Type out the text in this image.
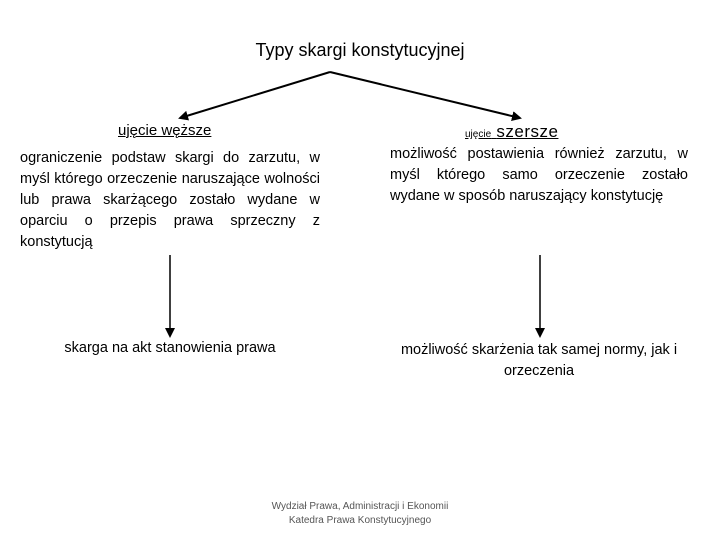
Typy skargi konstytucyjnej
ujęcie węższe	ujęcie szersze
ograniczenie podstaw skargi do zarzutu, w myśl którego orzeczenie naruszające wolności lub prawa skarżącego zostało wydane w oparciu o przepis prawa sprzeczny z konstytucją
możliwość postawienia również zarzutu, w myśl którego samo orzeczenie zostało wydane w sposób naruszający konstytucję
skarga na akt stanowienia prawa	możliwość skarżenia tak samej normy, jak i orzeczenia
Wydział Prawa, Administracji i Ekonomii
Katedra Prawa Konstytucyjnego
